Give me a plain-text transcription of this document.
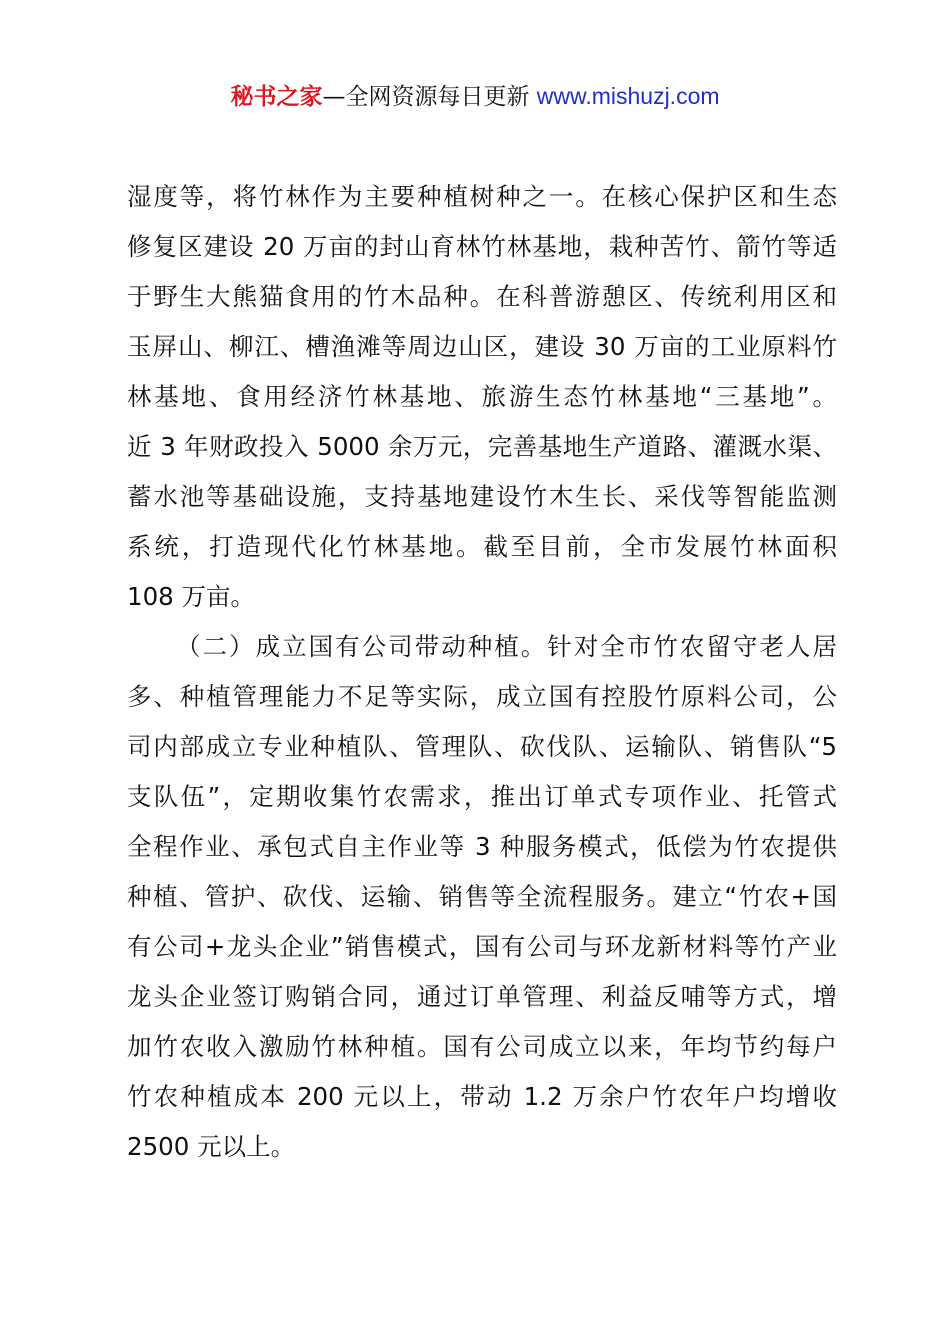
秘书之家—全网资源每日更新 www.mishuzj.com

湿度等，将竹林作为主要种植树种之一。在核心保护区和生态
修复区建设 20 万亩的封山育林竹林基地，栽种苦竹、箭竹等适
于野生大熊猫食用的竹木品种。在科普游憩区、传统利用区和
玉屏山、柳江、槽渔滩等周边山区，建设 30 万亩的工业原料竹
林基地、食用经济竹林基地、旅游生态竹林基地“三基地”。
近 3 年财政投入 5000 余万元，完善基地生产道路、灌溉水渠、
蓄水池等基础设施，支持基地建设竹木生长、采伐等智能监测
系统，打造现代化竹林基地。截至目前，全市发展竹林面积
108 万亩。

（二）成立国有公司带动种植。针对全市竹农留守老人居
多、种植管理能力不足等实际，成立国有控股竹原料公司，公
司内部成立专业种植队、管理队、砍伐队、运输队、销售队“5
支队伍”，定期收集竹农需求，推出订单式专项作业、托管式
全程作业、承包式自主作业等 3 种服务模式，低偿为竹农提供
种植、管护、砍伐、运输、销售等全流程服务。建立“竹农+国
有公司+龙头企业”销售模式，国有公司与环龙新材料等竹产业
龙头企业签订购销合同，通过订单管理、利益反哺等方式，增
加竹农收入激励竹林种植。国有公司成立以来，年均节约每户
竹农种植成本 200 元以上，带动 1.2 万余户竹农年户均增收
2500 元以上。
